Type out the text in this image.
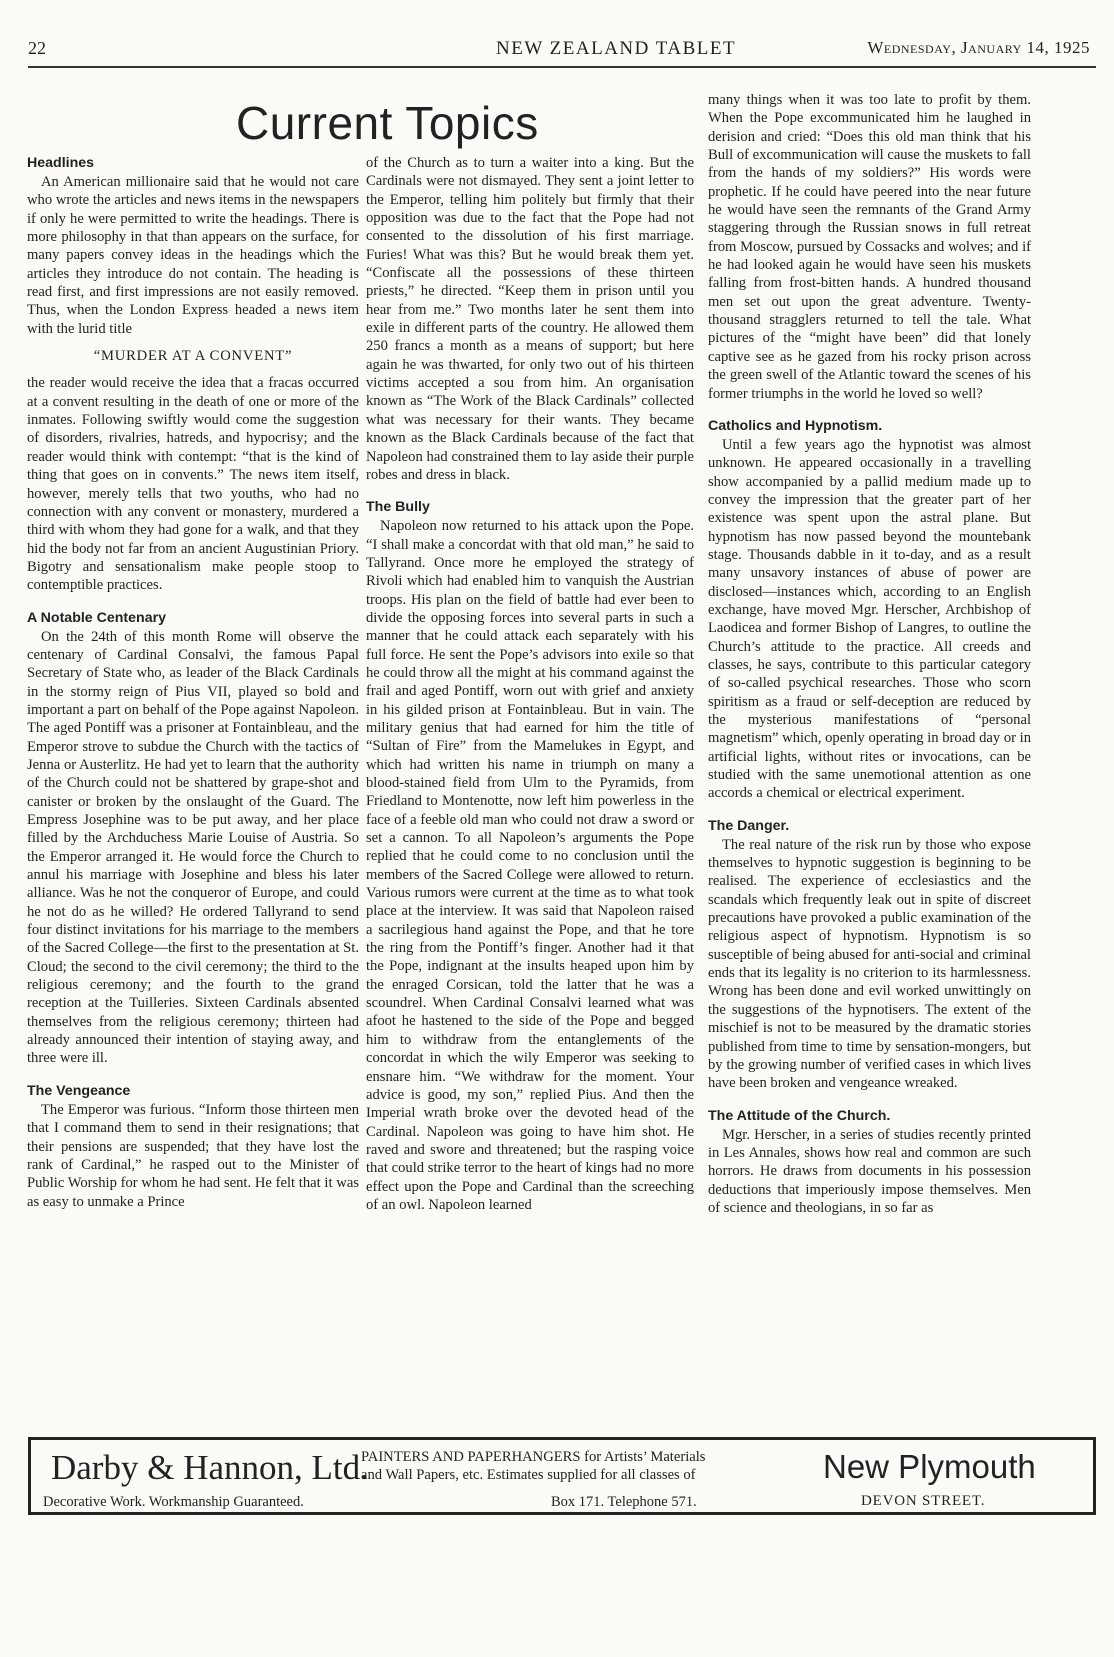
22	NEW ZEALAND TABLET	Wednesday, January 14, 1925
Current Topics
Headlines

An American millionaire said that he would not care who wrote the articles and news items in the newspapers if only he were permitted to write the headings. There is more philosophy in that than appears on the surface, for many papers convey ideas in the headings which the articles they introduce do not contain. The heading is read first, and first impressions are not easily removed. Thus, when the London Express headed a news item with the lurid title

“MURDER AT A CONVENT”

the reader would receive the idea that a fracas occurred at a convent resulting in the death of one or more of the inmates. Following swiftly would come the suggestion of disorders, rivalries, hatreds, and hypocrisy; and the reader would think with contempt: “that is the kind of thing that goes on in convents.” The news item itself, however, merely tells that two youths, who had no connection with any convent or monastery, murdered a third with whom they had gone for a walk, and that they hid the body not far from an ancient Augustinian Priory. Bigotry and sensationalism make people stoop to contemptible practices.

A Notable Centenary

On the 24th of this month Rome will observe the centenary of Cardinal Consalvi, the famous Papal Secretary of State who, as leader of the Black Cardinals in the stormy reign of Pius VII, played so bold and important a part on behalf of the Pope against Napoleon. The aged Pontiff was a prisoner at Fontainbleau, and the Emperor strove to subdue the Church with the tactics of Jenna or Austerlitz. He had yet to learn that the authority of the Church could not be shattered by grape-shot and canister or broken by the onslaught of the Guard. The Empress Josephine was to be put away, and her place filled by the Archduchess Marie Louise of Austria. So the Emperor arranged it. He would force the Church to annul his marriage with Josephine and bless his later alliance. Was he not the conqueror of Europe, and could he not do as he willed? He ordered Tallyrand to send four distinct invitations for his marriage to the members of the Sacred College—the first to the presentation at St. Cloud; the second to the civil ceremony; the third to the religious ceremony; and the fourth to the grand reception at the Tuilleries. Sixteen Cardinals absented themselves from the religious ceremony; thirteen had already announced their intention of staying away, and three were ill.

The Vengeance

The Emperor was furious. “Inform those thirteen men that I command them to send in their resignations; that their pensions are suspended; that they have lost the rank of Cardinal,” he rasped out to the Minister of Public Worship for whom he had sent. He felt that it was as easy to unmake a Prince

of the Church as to turn a waiter into a king. But the Cardinals were not dismayed. They sent a joint letter to the Emperor, telling him politely but firmly that their opposition was due to the fact that the Pope had not consented to the dissolution of his first marriage. Furies! What was this? But he would break them yet. “Confiscate all the possessions of these thirteen priests,” he directed. “Keep them in prison until you hear from me.” Two months later he sent them into exile in different parts of the country. He allowed them 250 francs a month as a means of support; but here again he was thwarted, for only two out of his thirteen victims accepted a sou from him. An organisation known as “The Work of the Black Cardinals” collected what was necessary for their wants. They became known as the Black Cardinals because of the fact that Napoleon had constrained them to lay aside their purple robes and dress in black.

The Bully

Napoleon now returned to his attack upon the Pope. “I shall make a concordat with that old man,” he said to Tallyrand. Once more he employed the strategy of Rivoli which had enabled him to vanquish the Austrian troops. His plan on the field of battle had ever been to divide the opposing forces into several parts in such a manner that he could attack each separately with his full force. He sent the Pope’s advisors into exile so that he could throw all the might at his command against the frail and aged Pontiff, worn out with grief and anxiety in his gilded prison at Fontainbleau. But in vain. The military genius that had earned for him the title of “Sultan of Fire” from the Mamelukes in Egypt, and which had written his name in triumph on many a blood-stained field from Ulm to the Pyramids, from Friedland to Montenotte, now left him powerless in the face of a feeble old man who could not draw a sword or set a cannon. To all Napoleon’s arguments the Pope replied that he could come to no conclusion until the members of the Sacred College were allowed to return. Various rumors were current at the time as to what took place at the interview. It was said that Napoleon raised a sacrilegious hand against the Pope, and that he tore the ring from the Pontiff’s finger. Another had it that the Pope, indignant at the insults heaped upon him by the enraged Corsican, told the latter that he was a scoundrel. When Cardinal Consalvi learned what was afoot he hastened to the side of the Pope and begged him to withdraw from the entanglements of the concordat in which the wily Emperor was seeking to ensnare him. “We withdraw for the moment. Your advice is good, my son,” replied Pius. And then the Imperial wrath broke over the devoted head of the Cardinal. Napoleon was going to have him shot. He raved and swore and threatened; but the rasping voice that could strike terror to the heart of kings had no more effect upon the Pope and Cardinal than the screeching of an owl. Napoleon learned

many things when it was too late to profit by them. When the Pope excommunicated him he laughed in derision and cried: “Does this old man think that his Bull of excommunication will cause the muskets to fall from the hands of my soldiers?” His words were prophetic. If he could have peered into the near future he would have seen the remnants of the Grand Army staggering through the Russian snows in full retreat from Moscow, pursued by Cossacks and wolves; and if he had looked again he would have seen his muskets falling from frost-bitten hands. A hundred thousand men set out upon the great adventure. Twenty-thousand stragglers returned to tell the tale. What pictures of the “might have been” did that lonely captive see as he gazed from his rocky prison across the green swell of the Atlantic toward the scenes of his former triumphs in the world he loved so well?

Catholics and Hypnotism.

Until a few years ago the hypnotist was almost unknown. He appeared occasionally in a travelling show accompanied by a pallid medium made up to convey the impression that the greater part of her existence was spent upon the astral plane. But hypnotism has now passed beyond the mountebank stage. Thousands dabble in it to-day, and as a result many unsavory instances of abuse of power are disclosed—instances which, according to an English exchange, have moved Mgr. Herscher, Archbishop of Laodicea and former Bishop of Langres, to outline the Church’s attitude to the practice. All creeds and classes, he says, contribute to this particular category of so-called psychical researches. Those who scorn spiritism as a fraud or self-deception are reduced by the mysterious manifestations of “personal magnetism” which, openly operating in broad day or in artificial lights, without rites or invocations, can be studied with the same unemotional attention as one accords a chemical or electrical experiment.

The Danger.

The real nature of the risk run by those who expose themselves to hypnotic suggestion is beginning to be realised. The experience of ecclesiastics and the scandals which frequently leak out in spite of discreet precautions have provoked a public examination of the religious aspect of hypnotism. Hypnotism is so susceptible of being abused for anti-social and criminal ends that its legality is no criterion to its harmlessness. Wrong has been done and evil worked unwittingly on the suggestions of the hypnotisers. The extent of the mischief is not to be measured by the dramatic stories published from time to time by sensation-mongers, but by the growing number of verified cases in which lives have been broken and vengeance wreaked.

The Attitude of the Church.

Mgr. Herscher, in a series of studies recently printed in Les Annales, shows how real and common are such horrors. He draws from documents in his possession deductions that imperiously impose themselves. Men of science and theologians, in so far as

Darby & Hannon, Ltd.
Decorative Work. Workmanship Guaranteed.
PAINTERS AND PAPERHANGERS for Artists’ Materials
and Wall Papers, etc. Estimates supplied for all classes of
Box 171. Telephone 571.
New Plymouth
DEVON STREET.
